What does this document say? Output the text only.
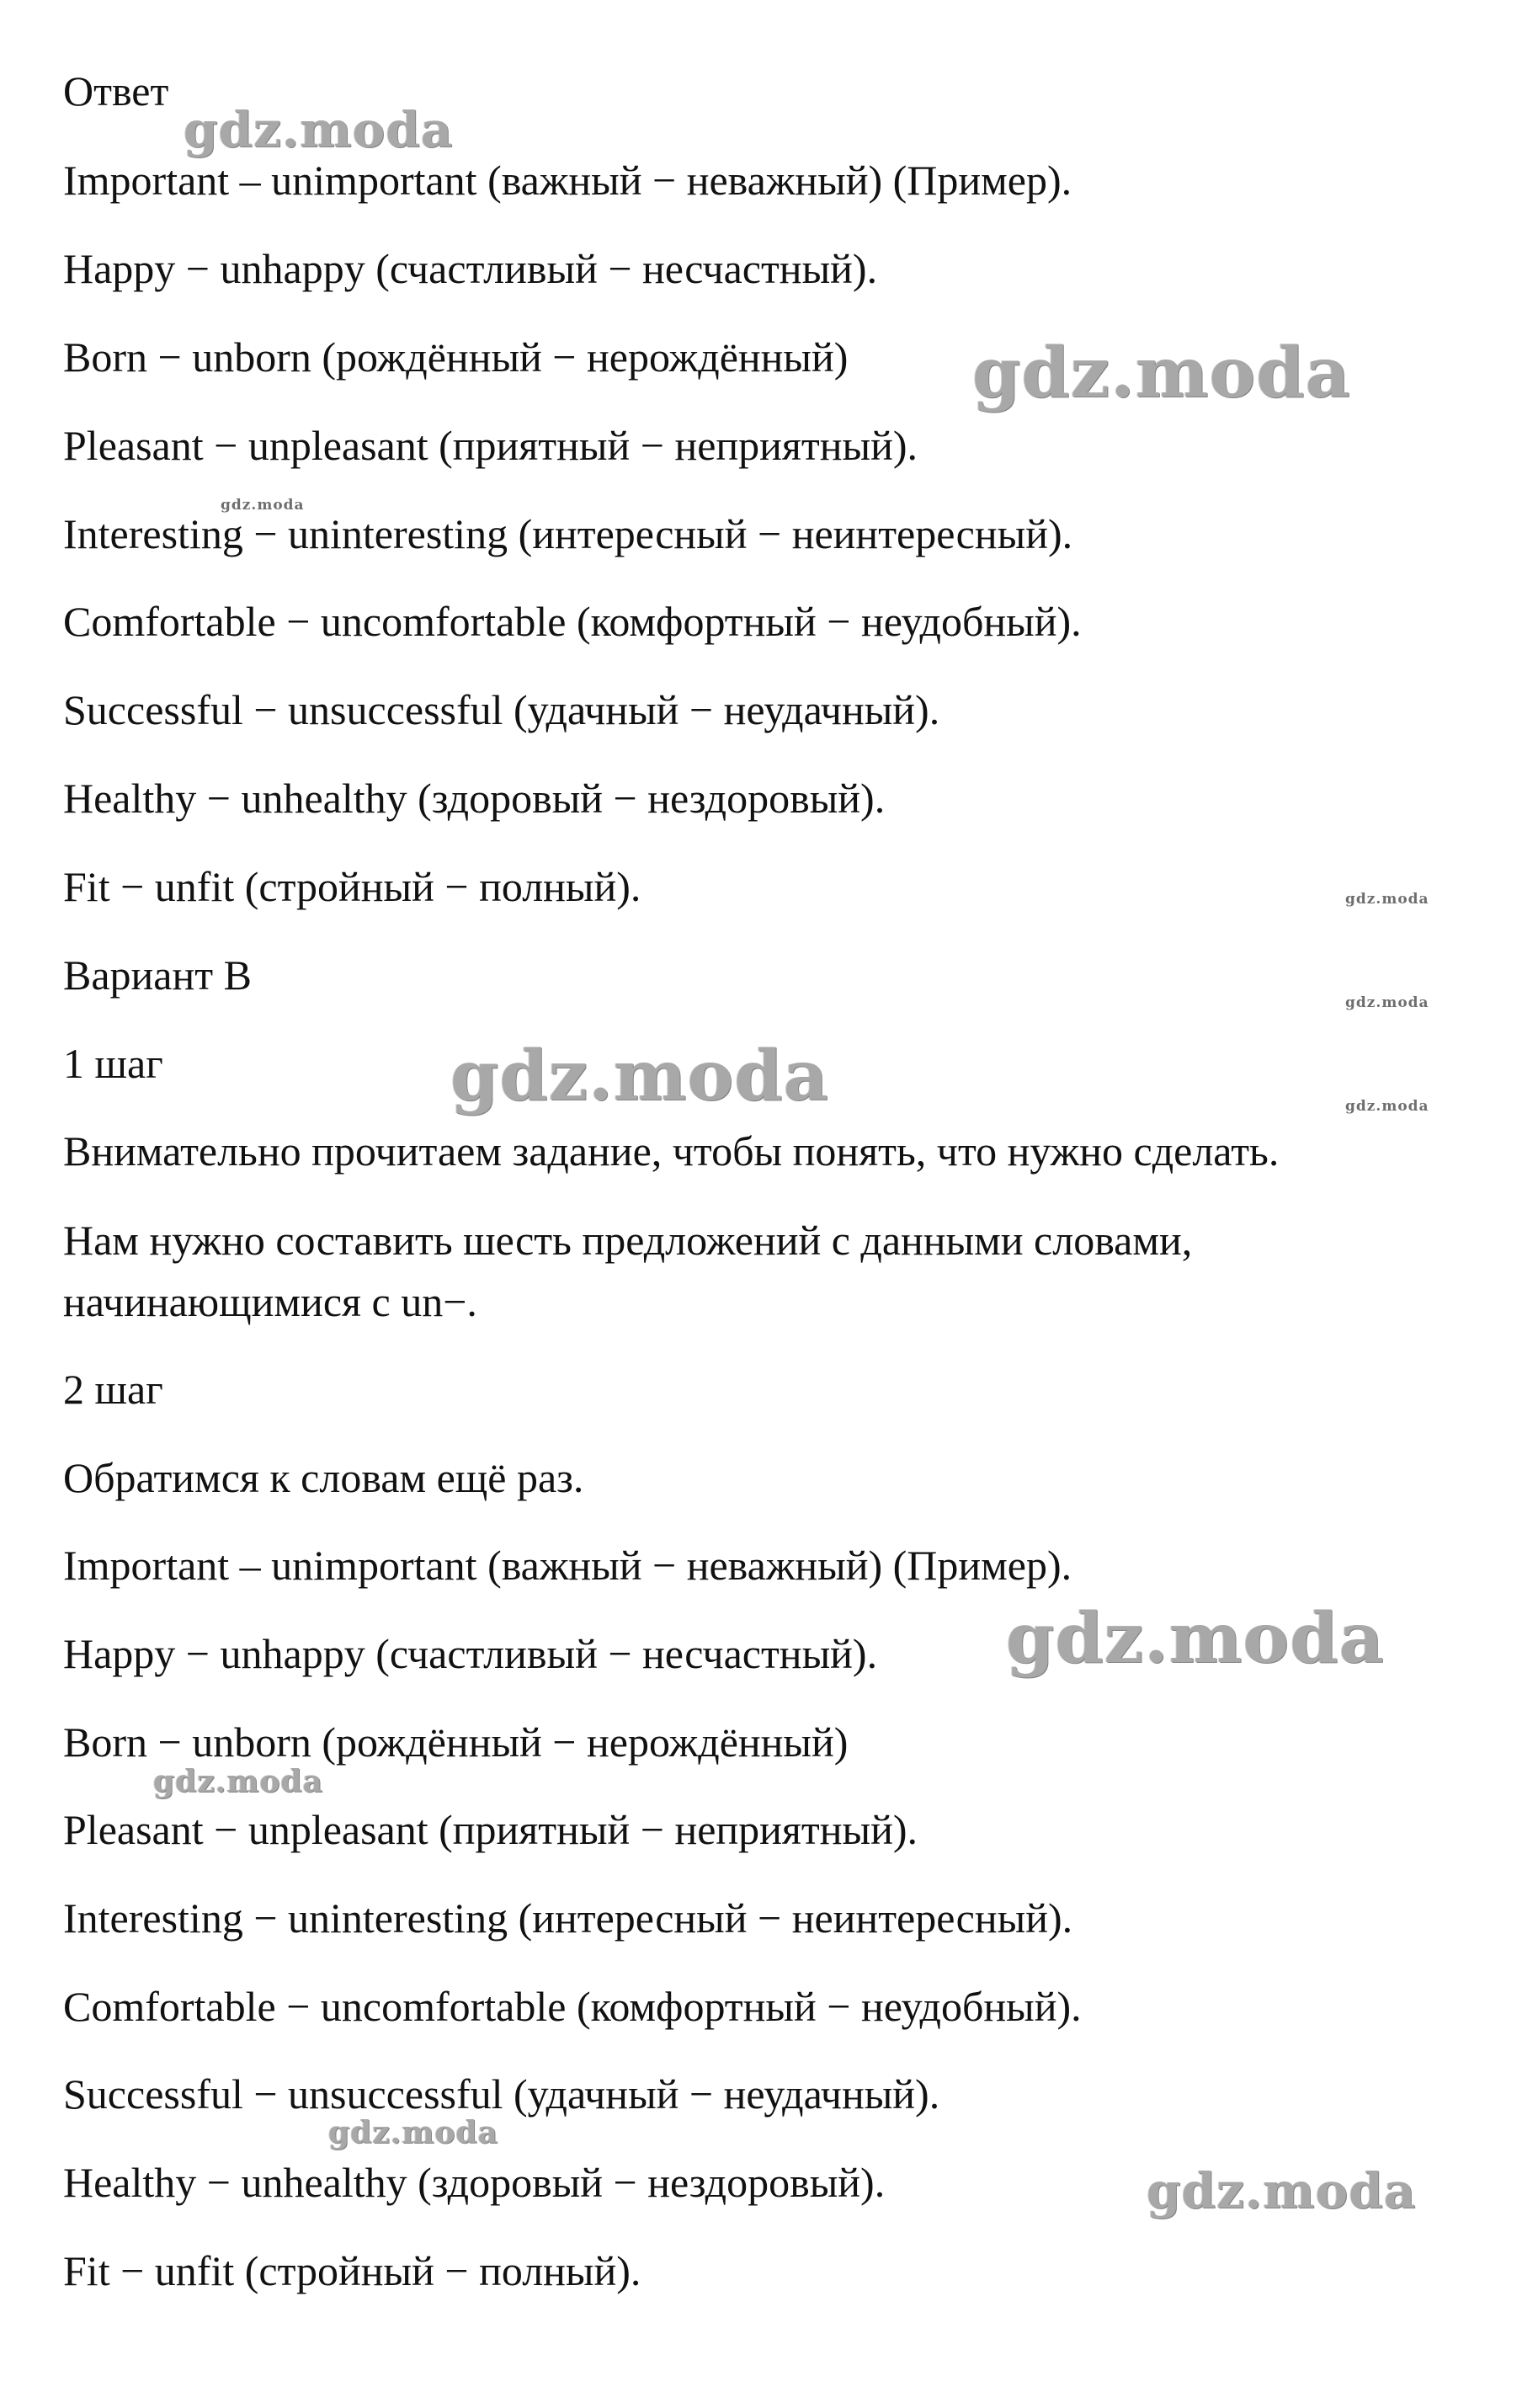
Ответ
Important – unimportant (важный − неважный) (Пример).
Happy − unhappy (счастливый − несчастный).
Born − unborn (рождённый − нерождённый)
Pleasant − unpleasant (приятный − неприятный).
Interesting − uninteresting (интересный − неинтересный).
Comfortable − uncomfortable (комфортный − неудобный).
Successful − unsuccessful (удачный − неудачный).
Healthy − unhealthy (здоровый − нездоровый).
Fit − unfit (стройный − полный).
Вариант B
1 шаг
Внимательно прочитаем задание, чтобы понять, что нужно сделать.
Нам нужно составить шесть предложений с данными словами,
начинающимися с un−.
2 шаг
Обратимся к словам ещё раз.
Important – unimportant (важный − неважный) (Пример).
Happy − unhappy (счастливый − несчастный).
Born − unborn (рождённый − нерождённый)
Pleasant − unpleasant (приятный − неприятный).
Interesting − uninteresting (интересный − неинтересный).
Comfortable − uncomfortable (комфортный − неудобный).
Successful − unsuccessful (удачный − неудачный).
Healthy − unhealthy (здоровый − нездоровый).
Fit − unfit (стройный − полный).
gdz.moda
gdz.moda
gdz.moda
gdz.moda
gdz.moda
gdz.moda	gdz.moda
gdz.moda
gdz.moda
gdz.moda
gdz.moda
